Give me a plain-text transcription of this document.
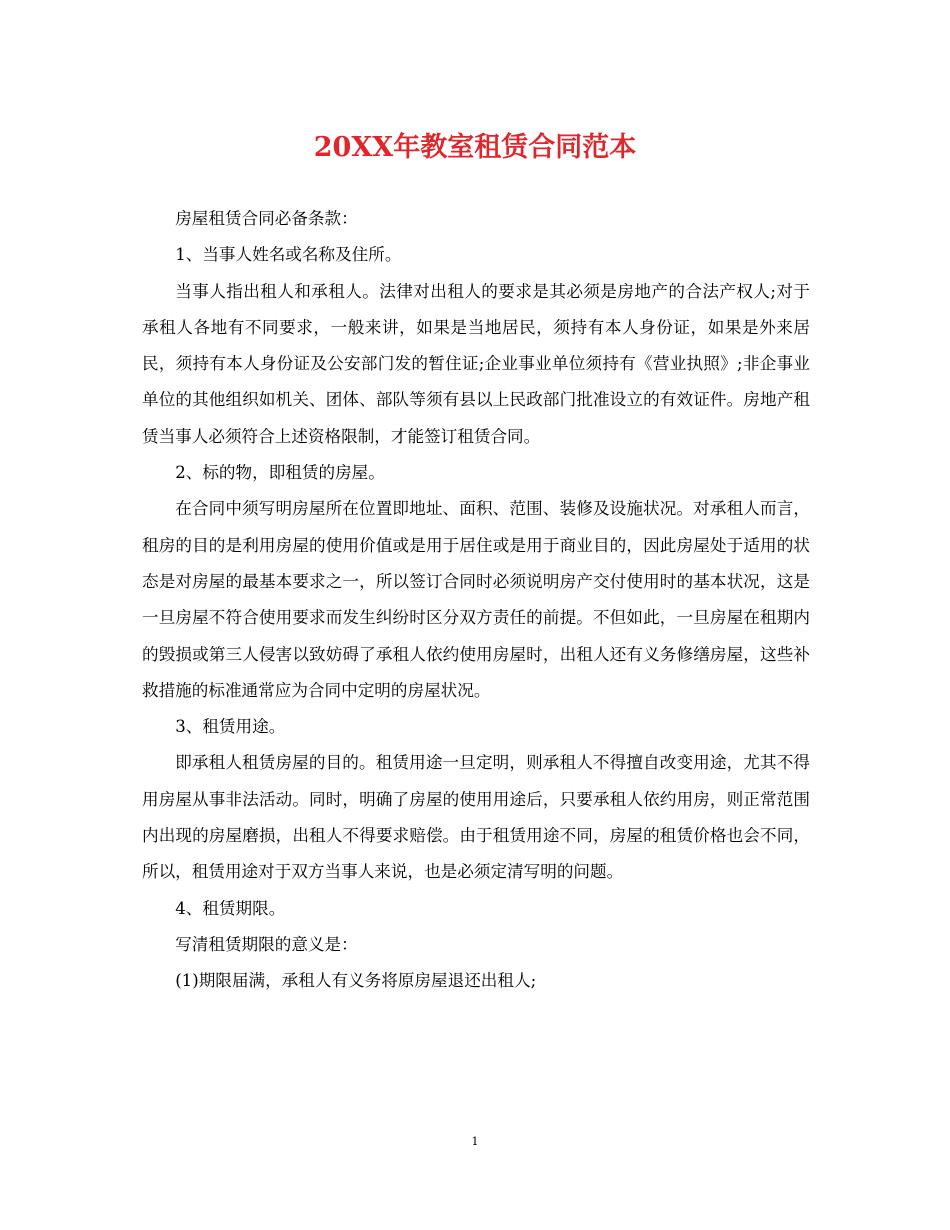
20XX年教室租赁合同范本

房屋租赁合同必备条款：

1、当事人姓名或名称及住所。

当事人指出租人和承租人。法律对出租人的要求是其必须是房地产的合法产权人;对于承租人各地有不同要求，一般来讲，如果是当地居民，须持有本人身份证，如果是外来居民，须持有本人身份证及公安部门发的暂住证;企业事业单位须持有《营业执照》;非企事业单位的其他组织如机关、团体、部队等须有县以上民政部门批准设立的有效证件。房地产租赁当事人必须符合上述资格限制，才能签订租赁合同。

2、标的物，即租赁的房屋。

在合同中须写明房屋所在位置即地址、面积、范围、装修及设施状况。对承租人而言，租房的目的是利用房屋的使用价值或是用于居住或是用于商业目的，因此房屋处于适用的状态是对房屋的最基本要求之一，所以签订合同时必须说明房产交付使用时的基本状况，这是一旦房屋不符合使用要求而发生纠纷时区分双方责任的前提。不但如此，一旦房屋在租期内的毁损或第三人侵害以致妨碍了承租人依约使用房屋时，出租人还有义务修缮房屋，这些补救措施的标准通常应为合同中定明的房屋状况。

3、租赁用途。

即承租人租赁房屋的目的。租赁用途一旦定明，则承租人不得擅自改变用途，尤其不得用房屋从事非法活动。同时，明确了房屋的使用用途后，只要承租人依约用房，则正常范围内出现的房屋磨损，出租人不得要求赔偿。由于租赁用途不同，房屋的租赁价格也会不同，所以，租赁用途对于双方当事人来说，也是必须定清写明的问题。

4、租赁期限。

写清租赁期限的意义是：

(1)期限届满，承租人有义务将原房屋退还出租人;

1
